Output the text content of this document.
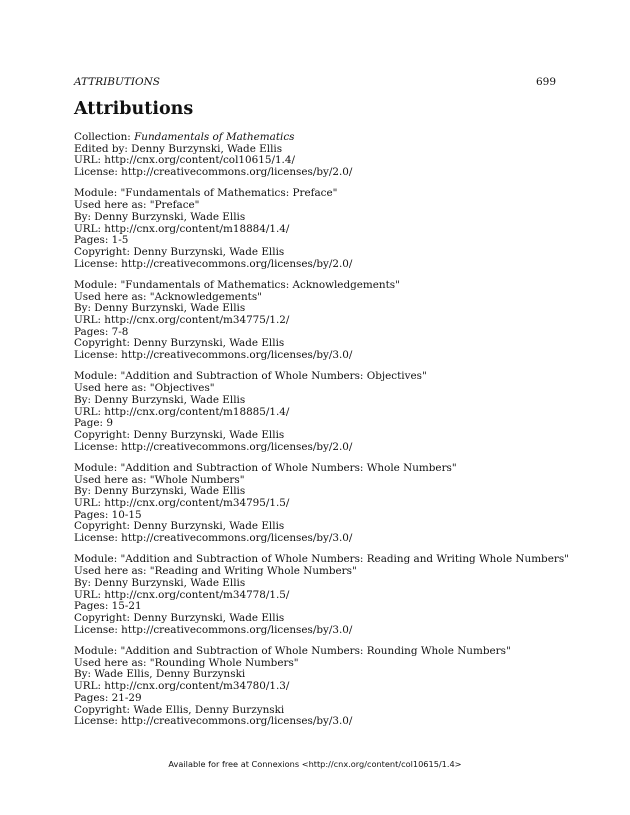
ATTRIBUTIONS	699
Attributions
Collection: Fundamentals of Mathematics
Edited by: Denny Burzynski, Wade Ellis
URL: http://cnx.org/content/col10615/1.4/
License: http://creativecommons.org/licenses/by/2.0/
Module: "Fundamentals of Mathematics: Preface"
Used here as: "Preface"
By: Denny Burzynski, Wade Ellis
URL: http://cnx.org/content/m18884/1.4/
Pages: 1-5
Copyright: Denny Burzynski, Wade Ellis
License: http://creativecommons.org/licenses/by/2.0/
Module: "Fundamentals of Mathematics: Acknowledgements"
Used here as: "Acknowledgements"
By: Denny Burzynski, Wade Ellis
URL: http://cnx.org/content/m34775/1.2/
Pages: 7-8
Copyright: Denny Burzynski, Wade Ellis
License: http://creativecommons.org/licenses/by/3.0/
Module: "Addition and Subtraction of Whole Numbers: Objectives"
Used here as: "Objectives"
By: Denny Burzynski, Wade Ellis
URL: http://cnx.org/content/m18885/1.4/
Page: 9
Copyright: Denny Burzynski, Wade Ellis
License: http://creativecommons.org/licenses/by/2.0/
Module: "Addition and Subtraction of Whole Numbers: Whole Numbers"
Used here as: "Whole Numbers"
By: Denny Burzynski, Wade Ellis
URL: http://cnx.org/content/m34795/1.5/
Pages: 10-15
Copyright: Denny Burzynski, Wade Ellis
License: http://creativecommons.org/licenses/by/3.0/
Module: "Addition and Subtraction of Whole Numbers: Reading and Writing Whole Numbers"
Used here as: "Reading and Writing Whole Numbers"
By: Denny Burzynski, Wade Ellis
URL: http://cnx.org/content/m34778/1.5/
Pages: 15-21
Copyright: Denny Burzynski, Wade Ellis
License: http://creativecommons.org/licenses/by/3.0/
Module: "Addition and Subtraction of Whole Numbers: Rounding Whole Numbers"
Used here as: "Rounding Whole Numbers"
By: Wade Ellis, Denny Burzynski
URL: http://cnx.org/content/m34780/1.3/
Pages: 21-29
Copyright: Wade Ellis, Denny Burzynski
License: http://creativecommons.org/licenses/by/3.0/
Available for free at Connexions <http://cnx.org/content/col10615/1.4>
